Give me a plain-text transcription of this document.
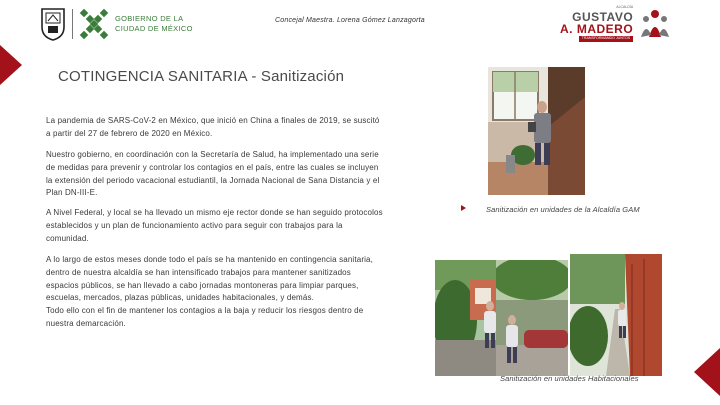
GOBIERNO DE LA
CIUDAD DE MÉXICO
Concejal Maestra. Lorena Gómez Lanzagorta
ALCALDÍA
GUSTAVO
A. MADERO
TRANSFORMANDO JUNTOS
COTINGENCIA SANITARIA - Sanitización

La pandemia de SARS-CoV-2 en México, que inició en China a finales de 2019, se suscitó a partir del 27 de febrero de 2020 en México.

Nuestro gobierno, en coordinación con la Secretaría de Salud, ha implementado una serie de medidas para prevenir y controlar los contagios en el país, entre las cuales se incluyen la extensión del periodo vacacional estudiantil, la Jornada Nacional de Sana Distancia y el Plan DN-III-E.

A Nivel Federal, y local se ha llevado un mismo eje rector donde se han seguido protocolos establecidos y un plan de funcionamiento activo para seguir con trabajos para la comunidad.

A lo largo de estos meses donde todo el país se ha mantenido en contingencia sanitaria, dentro de nuestra alcaldía se han intensificado trabajos para mantener sanitizados espacios públicos, se han llevado a cabo jornadas montoneras para limpiar parques, escuelas, mercados, plazas públicas, unidades habitacionales, y demás.

Todo ello con el fin de mantener los contagios a la baja y reducir los riesgos dentro de nuestra demarcación.

Sanitización en unidades de la Alcaldía GAM
Sanitización en unidades Habitacionales
